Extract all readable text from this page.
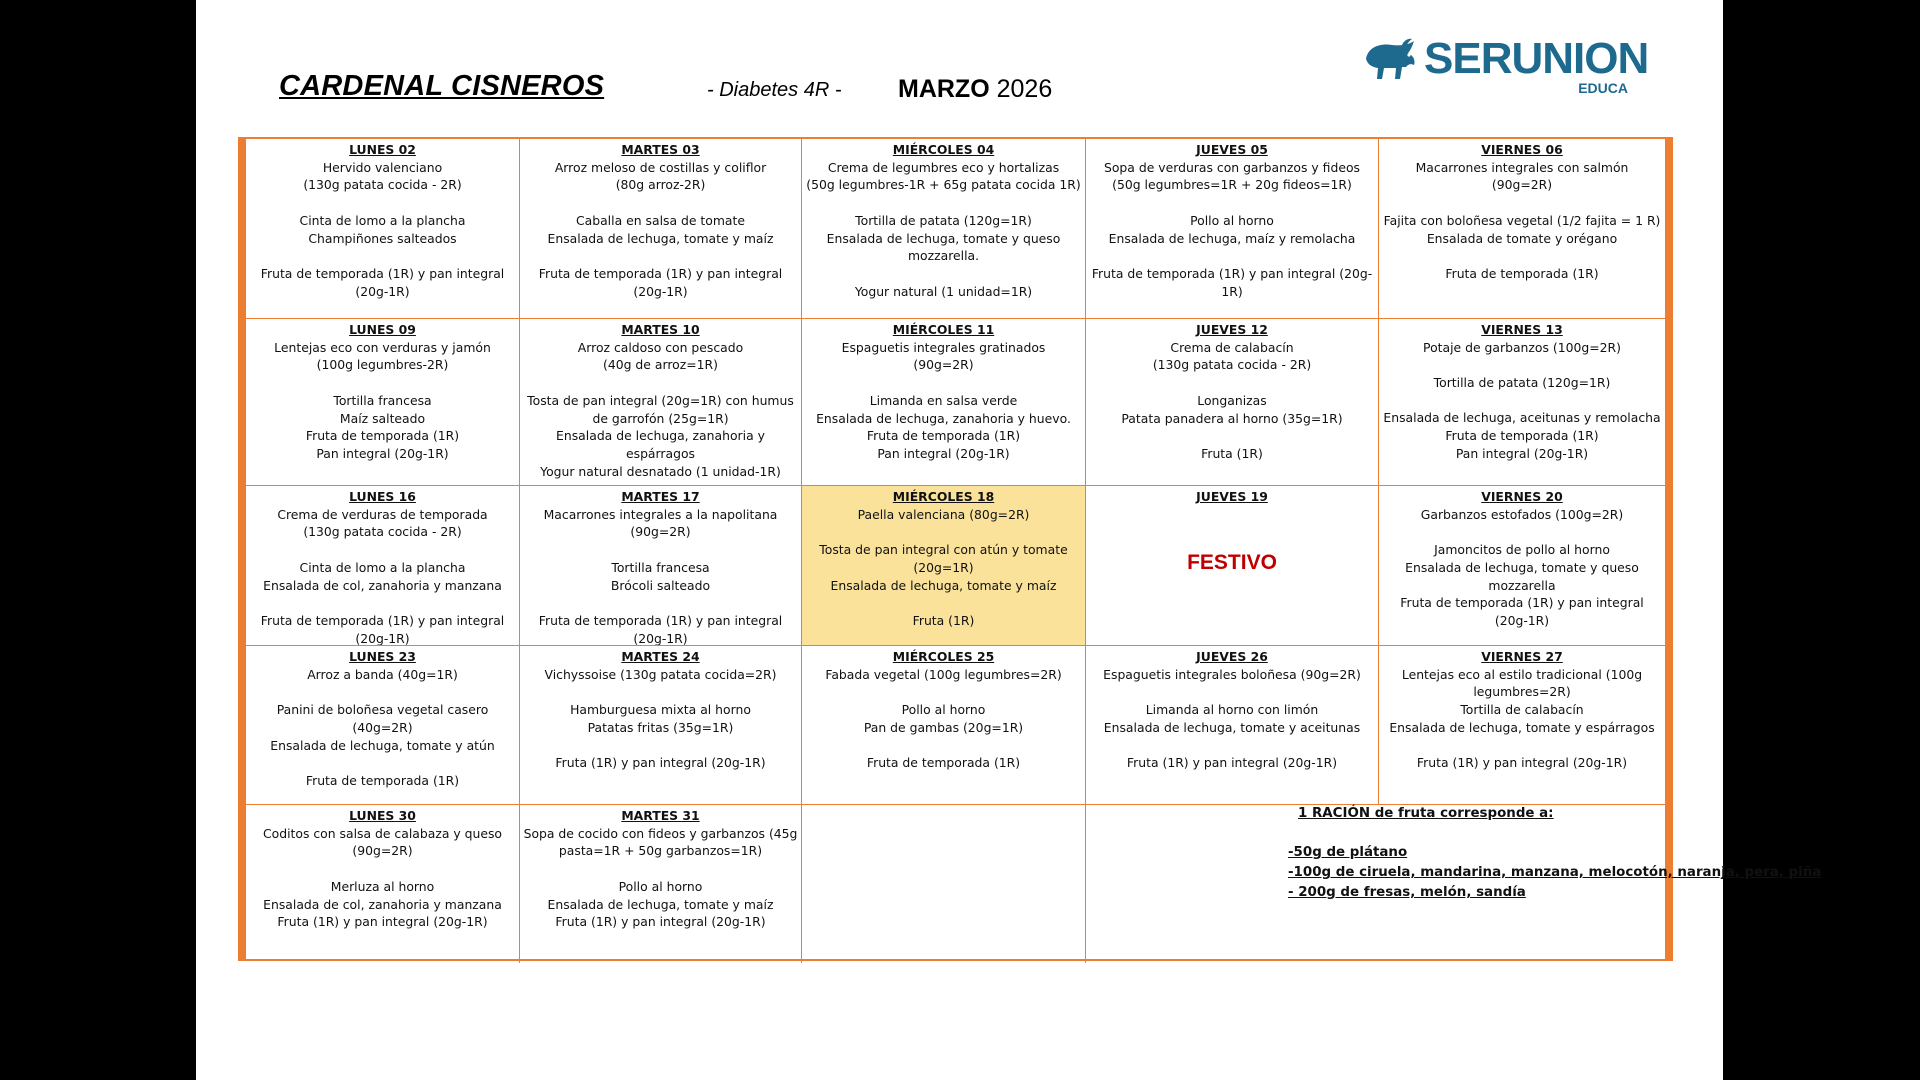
CARDENAL CISNEROS	- Diabetes 4R - MARZO 2026
SERUNION
EDUCA
LUNES 02
Hervido valenciano
(130g patata cocida - 2R)
Cinta de lomo a la plancha
Champiñones salteados
Fruta de temporada (1R) y pan integral (20g-1R)
MARTES 03
Arroz meloso de costillas y coliflor
(80g arroz-2R)
Caballa en salsa de tomate
Ensalada de lechuga, tomate y maíz
Fruta de temporada (1R) y pan integral (20g-1R)
MIÉRCOLES 04
Crema de legumbres eco y hortalizas
(50g legumbres-1R + 65g patata cocida 1R)
Tortilla de patata (120g=1R)
Ensalada de lechuga, tomate y queso mozzarella.
Yogur natural (1 unidad=1R)
JUEVES 05
Sopa de verduras con garbanzos y fideos
(50g legumbres=1R + 20g fideos=1R)
Pollo al horno
Ensalada de lechuga, maíz y remolacha
Fruta de temporada (1R) y pan integral (20g-1R)
VIERNES 06
Macarrones integrales con salmón
(90g=2R)
Fajita con boloñesa vegetal (1/2 fajita = 1 R)
Ensalada de tomate y orégano
Fruta de temporada (1R)
LUNES 09
Lentejas eco con verduras y jamón
(100g legumbres-2R)
Tortilla francesa
Maíz salteado
Fruta de temporada (1R)
Pan integral (20g-1R)
MARTES 10
Arroz caldoso con pescado
(40g de arroz=1R)
Tosta de pan integral (20g=1R) con humus de garrofón (25g=1R)
Ensalada de lechuga, zanahoria y espárragos
Yogur natural desnatado (1 unidad-1R)
MIÉRCOLES 11
Espaguetis integrales gratinados
(90g=2R)
Limanda en salsa verde
Ensalada de lechuga, zanahoria y huevo.
Fruta de temporada (1R)
Pan integral (20g-1R)
JUEVES 12
Crema de calabacín
(130g patata cocida - 2R)
Longanizas
Patata panadera al horno (35g=1R)
Fruta (1R)
VIERNES 13
Potaje de garbanzos (100g=2R)
Tortilla de patata (120g=1R)
Ensalada de lechuga, aceitunas y remolacha
Fruta de temporada (1R)
Pan integral (20g-1R)
LUNES 16
Crema de verduras de temporada
(130g patata cocida - 2R)
Cinta de lomo a la plancha
Ensalada de col, zanahoria y manzana
Fruta de temporada (1R) y pan integral (20g-1R)
MARTES 17
Macarrones integrales a la napolitana
(90g=2R)
Tortilla francesa
Brócoli salteado
Fruta de temporada (1R) y pan integral (20g-1R)
MIÉRCOLES 18
Paella valenciana (80g=2R)
Tosta de pan integral con atún y tomate (20g=1R)
Ensalada de lechuga, tomate y maíz
Fruta (1R)
JUEVES 19
FESTIVO
VIERNES 20
Garbanzos estofados (100g=2R)
Jamoncitos de pollo al horno
Ensalada de lechuga, tomate y queso mozzarella
Fruta de temporada (1R) y pan integral (20g-1R)
LUNES 23
Arroz a banda (40g=1R)
Panini de boloñesa vegetal casero (40g=2R)
Ensalada de lechuga, tomate y atún
Fruta de temporada (1R)
MARTES 24
Vichyssoise (130g patata cocida=2R)
Hamburguesa mixta al horno
Patatas fritas (35g=1R)
Fruta (1R) y pan integral (20g-1R)
MIÉRCOLES 25
Fabada vegetal (100g legumbres=2R)
Pollo al horno
Pan de gambas (20g=1R)
Fruta de temporada (1R)
JUEVES 26
Espaguetis integrales boloñesa (90g=2R)
Limanda al horno con limón
Ensalada de lechuga, tomate y aceitunas
Fruta (1R) y pan integral (20g-1R)
VIERNES 27
Lentejas eco al estilo tradicional (100g legumbres=2R)
Tortilla de calabacín
Ensalada de lechuga, tomate y espárragos
Fruta (1R) y pan integral (20g-1R)
LUNES 30
Coditos con salsa de calabaza y queso
(90g=2R)
Merluza al horno
Ensalada de col, zanahoria y manzana
Fruta (1R) y pan integral (20g-1R)
MARTES 31
Sopa de cocido con fideos y garbanzos (45g pasta=1R + 50g garbanzos=1R)
Pollo al horno
Ensalada de lechuga, tomate y maíz
Fruta (1R) y pan integral (20g-1R)
1 RACIÓN de fruta corresponde a:
-50g de plátano
-100g de ciruela, mandarina, manzana, melocotón, naranja, pera, piña
- 200g de fresas, melón, sandía
